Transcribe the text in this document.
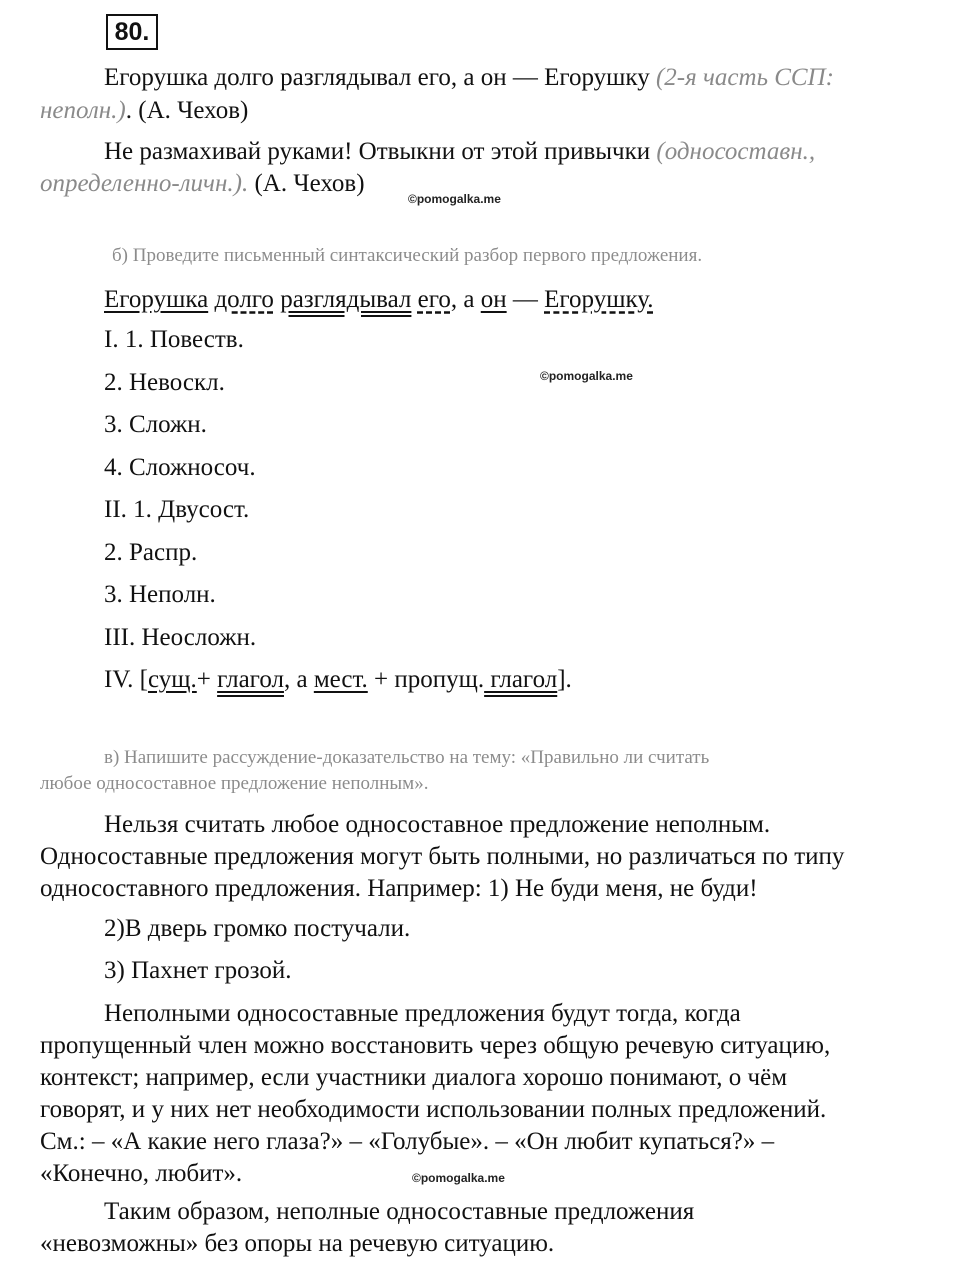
80.
Егорушка долго разглядывал его, а он — Егорушку (2-я часть ССП:
неполн.). (А. Чехов)
Не размахивай руками! Отвыкни от этой привычки (односоставн.,
определенно-личн.). (А. Чехов)
©pomogalka.me
б) Проведите письменный синтаксический разбор первого предложения.
Егорушка долго разглядывал его, а он — Егорушку.
I. 1. Повеств.
2. Невоскл.	©pomogalka.me
3. Сложн.
4. Сложносоч.
II. 1. Двусост.
2. Распр.
3. Неполн.
III. Неосложн.
IV. [сущ.+ глагол, а мест. + пропущ. глагол].
в) Напишите рассуждение-доказательство на тему: «Правильно ли считать
любое односоставное предложение неполным».
Нельзя считать любое односоставное предложение неполным.
Односоставные предложения могут быть полными, но различаться по типу
односоставного предложения. Например: 1) Не буди меня, не буди!
2)В дверь громко постучали.
3) Пахнет грозой.
Неполными односоставные предложения будут тогда, когда
пропущенный член можно восстановить через общую речевую ситуацию,
контекст; например, если участники диалога хорошо понимают, о чём
говорят, и у них нет необходимости использовании полных предложений.
См.: – «А какие него глаза?» – «Голубые». – «Он любит купаться?» –
«Конечно, любит».	©pomogalka.me
Таким образом, неполные односоставные предложения
«невозможны» без опоры на речевую ситуацию.
